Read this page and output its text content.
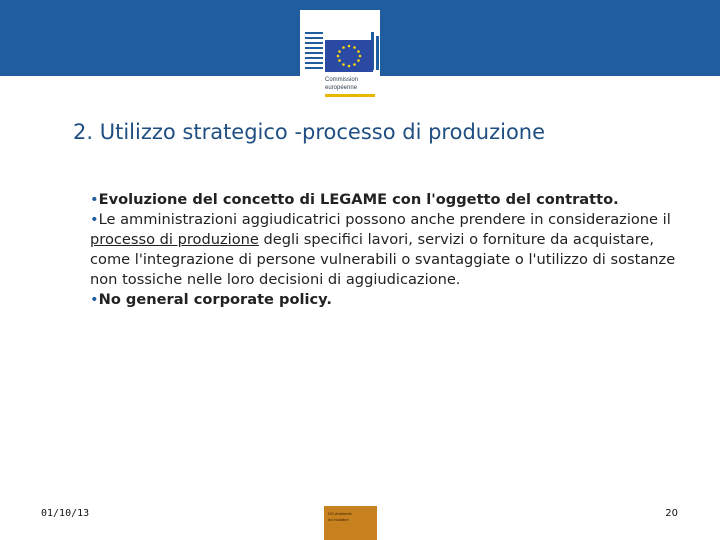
Commission
européenne
2. Utilizzo strategico -processo di produzione
•Evoluzione del concetto di LEGAME con l'oggetto del contratto.
•Le amministrazioni aggiudicatrici possono anche prendere in considerazione il processo di produzione degli specifici lavori, servizi o forniture da acquistare, come l'integrazione di persone vulnerabili o svantaggiate o l'utilizzo di sostanze non tossiche nelle loro decisioni di aggiudicazione.
•No general corporate policy.
01/10/13	DG Ambiente
ed ecolabel
20
